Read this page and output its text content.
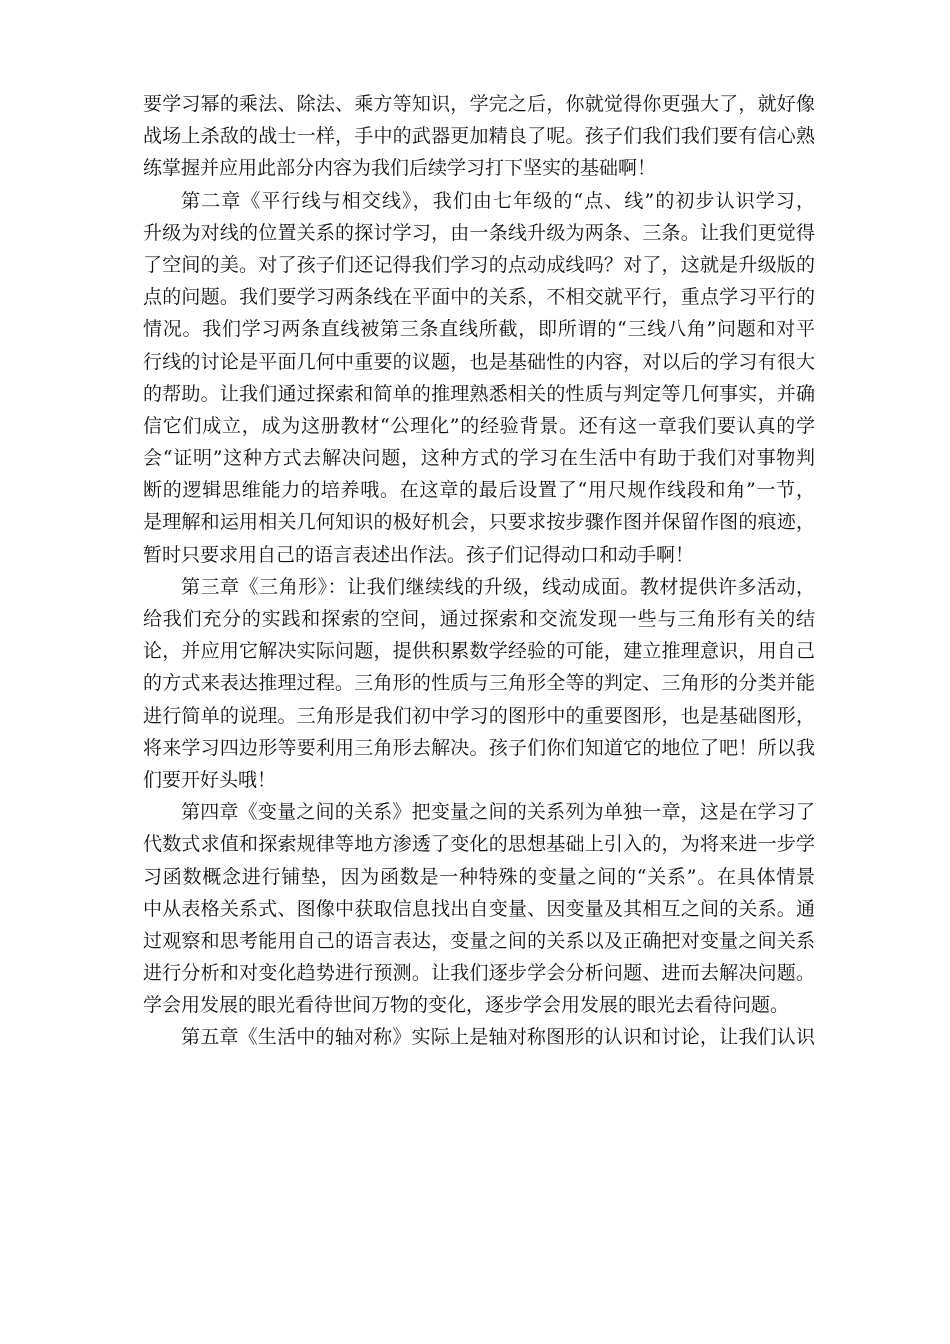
要学习幂的乘法、除法、乘方等知识，学完之后，你就觉得你更强大了，就好像
战场上杀敌的战士一样，手中的武器更加精良了呢。孩子们我们我们要有信心熟
练掌握并应用此部分内容为我们后续学习打下坚实的基础啊！
第二章《平行线与相交线》，我们由七年级的“点、线”的初步认识学习，
升级为对线的位置关系的探讨学习，由一条线升级为两条、三条。让我们更觉得
了空间的美。对了孩子们还记得我们学习的点动成线吗？对了，这就是升级版的
点的问题。我们要学习两条线在平面中的关系，不相交就平行，重点学习平行的
情况。我们学习两条直线被第三条直线所截，即所谓的“三线八角”问题和对平
行线的讨论是平面几何中重要的议题，也是基础性的内容，对以后的学习有很大
的帮助。让我们通过探索和简单的推理熟悉相关的性质与判定等几何事实，并确
信它们成立，成为这册教材“公理化”的经验背景。还有这一章我们要认真的学
会“证明”这种方式去解决问题，这种方式的学习在生活中有助于我们对事物判
断的逻辑思维能力的培养哦。在这章的最后设置了“用尺规作线段和角”一节，
是理解和运用相关几何知识的极好机会，只要求按步骤作图并保留作图的痕迹，
暂时只要求用自己的语言表述出作法。孩子们记得动口和动手啊！
第三章《三角形》：让我们继续线的升级，线动成面。教材提供许多活动，
给我们充分的实践和探索的空间，通过探索和交流发现一些与三角形有关的结
论，并应用它解决实际问题，提供积累数学经验的可能，建立推理意识，用自己
的方式来表达推理过程。三角形的性质与三角形全等的判定、三角形的分类并能
进行简单的说理。三角形是我们初中学习的图形中的重要图形，也是基础图形，
将来学习四边形等要利用三角形去解决。孩子们你们知道它的地位了吧！所以我
们要开好头哦！
第四章《变量之间的关系》把变量之间的关系列为单独一章，这是在学习了
代数式求值和探索规律等地方渗透了变化的思想基础上引入的，为将来进一步学
习函数概念进行铺垫，因为函数是一种特殊的变量之间的“关系”。在具体情景
中从表格关系式、图像中获取信息找出自变量、因变量及其相互之间的关系。通
过观察和思考能用自己的语言表达，变量之间的关系以及正确把对变量之间关系
进行分析和对变化趋势进行预测。让我们逐步学会分析问题、进而去解决问题。
学会用发展的眼光看待世间万物的变化，逐步学会用发展的眼光去看待问题。
第五章《生活中的轴对称》实际上是轴对称图形的认识和讨论，让我们认识
